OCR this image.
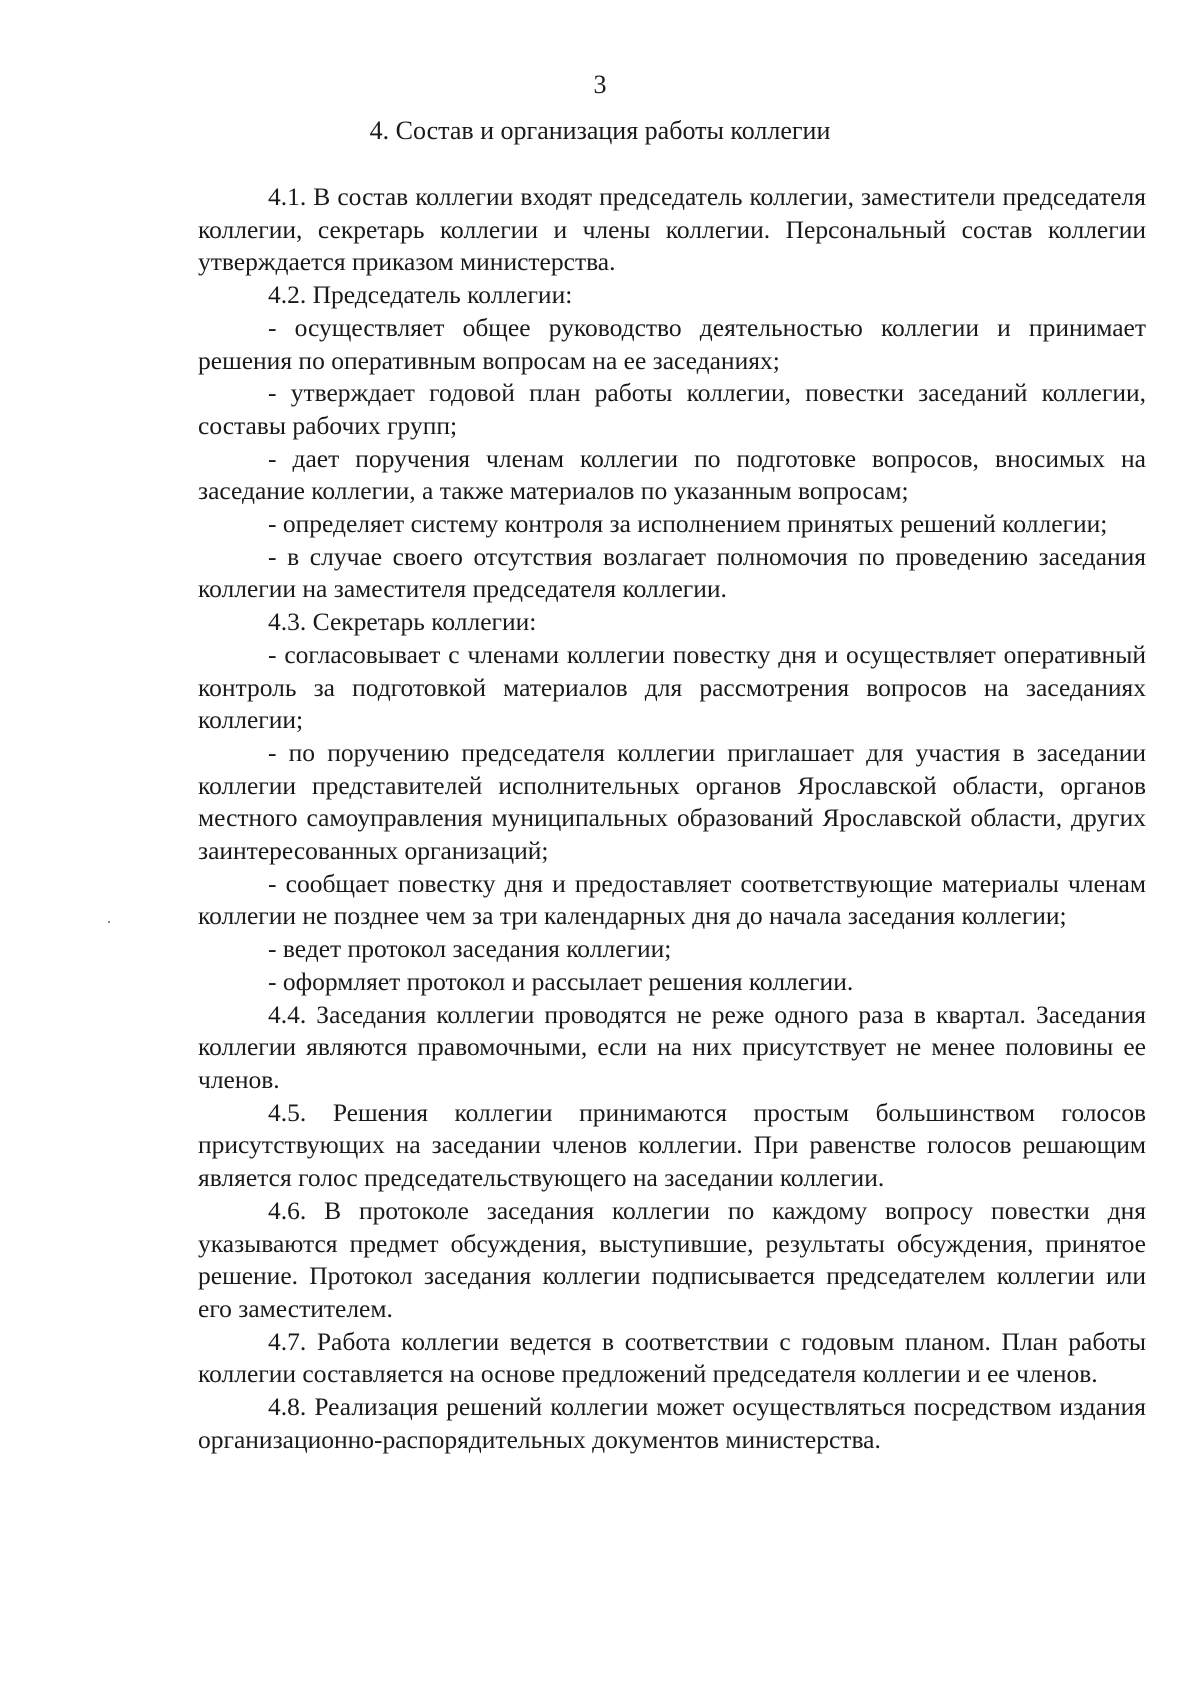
3
4. Состав и организация работы коллегии

4.1. В состав коллегии входят председатель коллегии, заместители председателя коллегии, секретарь коллегии и члены коллегии. Персональный состав коллегии утверждается приказом министерства.

4.2. Председатель коллегии:

- осуществляет общее руководство деятельностью коллегии и принимает решения по оперативным вопросам на ее заседаниях;

- утверждает годовой план работы коллегии, повестки заседаний коллегии, составы рабочих групп;

- дает поручения членам коллегии по подготовке вопросов, вносимых на заседание коллегии, а также материалов по указанным вопросам;

- определяет систему контроля за исполнением принятых решений коллегии;

- в случае своего отсутствия возлагает полномочия по проведению заседания коллегии на заместителя председателя коллегии.

4.3. Секретарь коллегии:

- согласовывает с членами коллегии повестку дня и осуществляет оперативный контроль за подготовкой материалов для рассмотрения вопросов на заседаниях коллегии;

- по поручению председателя коллегии приглашает для участия в заседании коллегии представителей исполнительных органов Ярославской области, органов местного самоуправления муниципальных образований Ярославской области, других заинтересованных организаций;

- сообщает повестку дня и предоставляет соответствующие материалы членам коллегии не позднее чем за три календарных дня до начала заседания коллегии;

- ведет протокол заседания коллегии;

- оформляет протокол и рассылает решения коллегии.

4.4. Заседания коллегии проводятся не реже одного раза в квартал. Заседания коллегии являются правомочными, если на них присутствует не менее половины ее членов.

4.5. Решения коллегии принимаются простым большинством голосов присутствующих на заседании членов коллегии. При равенстве голосов решающим является голос председательствующего на заседании коллегии.

4.6. В протоколе заседания коллегии по каждому вопросу повестки дня указываются предмет обсуждения, выступившие, результаты обсуждения, принятое решение. Протокол заседания коллегии подписывается председателем коллегии или его заместителем.

4.7. Работа коллегии ведется в соответствии с годовым планом. План работы коллегии составляется на основе предложений председателя коллегии и ее членов.

4.8. Реализация решений коллегии может осуществляться посредством издания организационно-распорядительных документов министерства.
